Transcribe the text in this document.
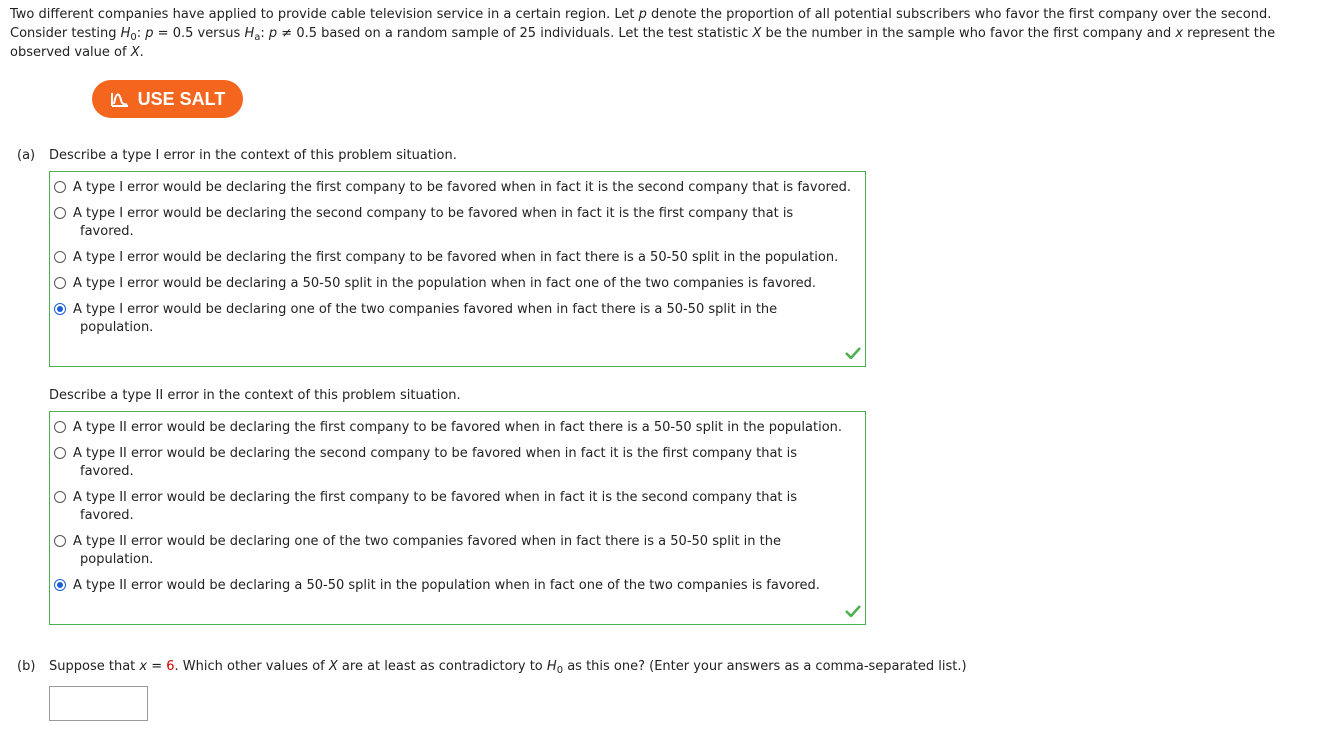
Two different companies have applied to provide cable television service in a certain region. Let p denote the proportion of all potential subscribers who favor the first company over the second.
Consider testing $H_0$: p = 0.5 versus $H_a$: p ≠ 0.5 based on a random sample of 25 individuals. Let the test statistic X be the number in the sample who favor the first company and x represent the
observed value of X.
USE SALT
(a) Describe a type I error in the context of this problem situation.
A type I error would be declaring the first company to be favored when in fact it is the second company that is favored.
A type I error would be declaring the second company to be favored when in fact it is the first company that is
favored.
A type I error would be declaring the first company to be favored when in fact there is a 50-50 split in the population.
A type I error would be declaring a 50-50 split in the population when in fact one of the two companies is favored.
A type I error would be declaring one of the two companies favored when in fact there is a 50-50 split in the
population.
Describe a type II error in the context of this problem situation.
A type II error would be declaring the first company to be favored when in fact there is a 50-50 split in the population.
A type II error would be declaring the second company to be favored when in fact it is the first company that is
favored.
A type II error would be declaring the first company to be favored when in fact it is the second company that is
favored.
A type II error would be declaring one of the two companies favored when in fact there is a 50-50 split in the
population.
A type II error would be declaring a 50-50 split in the population when in fact one of the two companies is favored.
(b) Suppose that x = 6. Which other values of X are at least as contradictory to $H_0$ as this one? (Enter your answers as a comma-separated list.)
